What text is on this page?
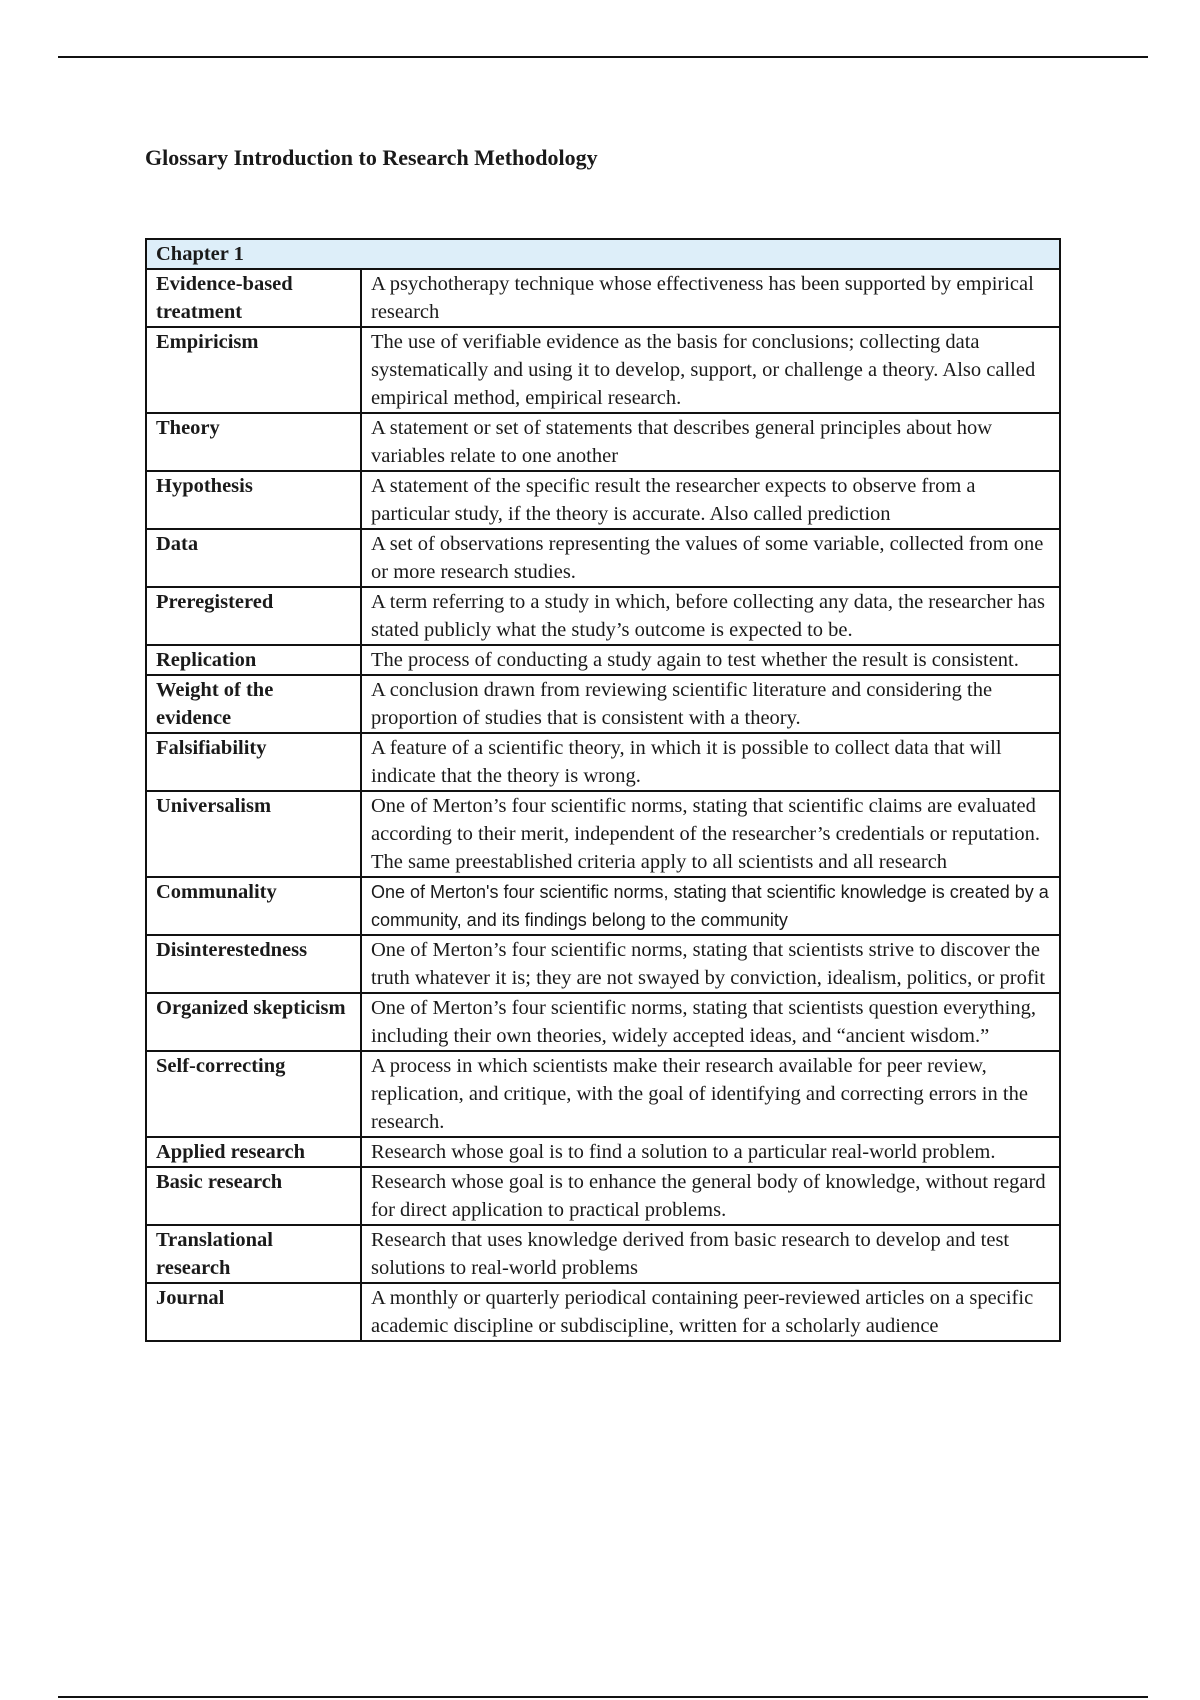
Glossary Introduction to Research Methodology
Chapter 1	
Evidence-based treatment	A psychotherapy technique whose effectiveness has been supported by empirical research
Empiricism	The use of verifiable evidence as the basis for conclusions; collecting data systematically and using it to develop, support, or challenge a theory. Also called empirical method, empirical research.
Theory	A statement or set of statements that describes general principles about how variables relate to one another
Hypothesis	A statement of the specific result the researcher expects to observe from a particular study, if the theory is accurate. Also called prediction
Data	A set of observations representing the values of some variable, collected from one or more research studies.
Preregistered	A term referring to a study in which, before collecting any data, the researcher has stated publicly what the study’s outcome is expected to be.
Replication	The process of conducting a study again to test whether the result is consistent.
Weight of the evidence	A conclusion drawn from reviewing scientific literature and considering the proportion of studies that is consistent with a theory.
Falsifiability	A feature of a scientific theory, in which it is possible to collect data that will indicate that the theory is wrong.
Universalism	One of Merton’s four scientific norms, stating that scientific claims are evaluated according to their merit, independent of the researcher’s credentials or reputation. The same preestablished criteria apply to all scientists and all research
Communality	One of Merton's four scientific norms, stating that scientific knowledge is created by a community, and its findings belong to the community
Disinterestedness	One of Merton’s four scientific norms, stating that scientists strive to discover the truth whatever it is; they are not swayed by conviction, idealism, politics, or profit
Organized skepticism	One of Merton’s four scientific norms, stating that scientists question everything, including their own theories, widely accepted ideas, and “ancient wisdom.”
Self-correcting	A process in which scientists make their research available for peer review, replication, and critique, with the goal of identifying and correcting errors in the research.
Applied research	Research whose goal is to find a solution to a particular real-world problem.
Basic research	Research whose goal is to enhance the general body of knowledge, without regard for direct application to practical problems.
Translational research	Research that uses knowledge derived from basic research to develop and test solutions to real-world problems
Journal	A monthly or quarterly periodical containing peer-reviewed articles on a specific academic discipline or subdiscipline, written for a scholarly audience
